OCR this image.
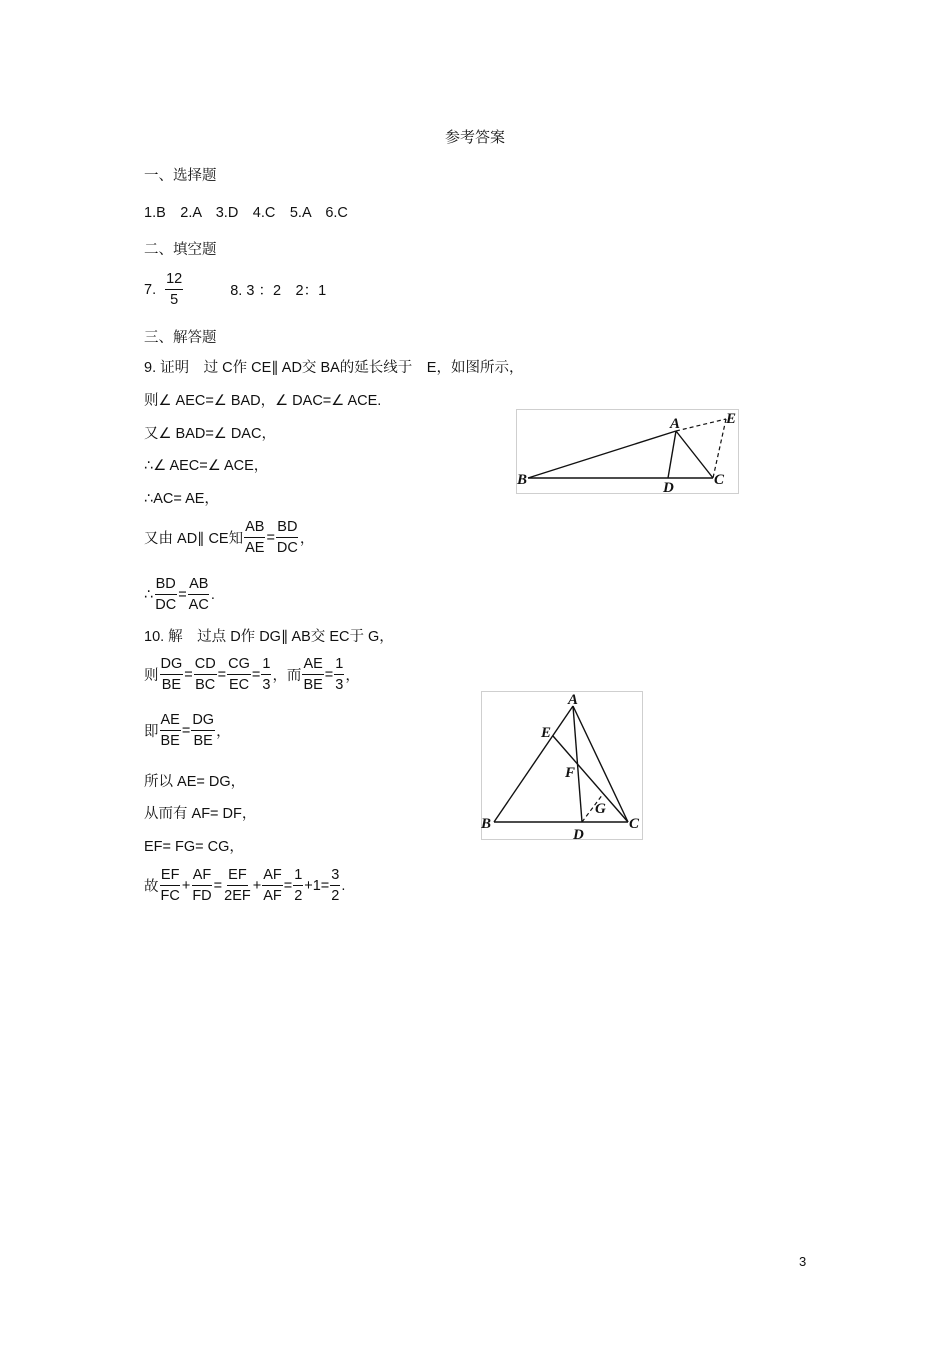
参考答案
一、选择题
1.B　2.A　3.D　4.C　5.A　6.C
二、填空题
7. $\frac{12}{5}$	8. 3 ：2　2：1
三、解答题
9. 证明　过 C作 CE∥ AD交 BA的延长线于　E，如图所示，
则∠ AEC=∠ BAD，∠ DAC=∠ ACE.
又∠ BAD=∠ DAC，
∴∠ AEC=∠ ACE，
∴AC= AE，
又由 AD∥ CE知 $\frac{AB}{AE} = \frac{BD}{DC}$ ，
∴ $\frac{BD}{DC} = \frac{AB}{AC}$ .
10. 解　过点 D作 DG∥ AB交 EC于 G，
则 $\frac{DG}{BE} = \frac{CD}{BC} = \frac{CG}{EC} = \frac{1}{3}$ ，而 $\frac{AE}{BE} = \frac{1}{3}$ ，
即 $\frac{AE}{BE} = \frac{DG}{BE}$ ，
所以 AE= DG，
从而有 AF= DF，
EF= FG= CG，
故 $\frac{EF}{FC} + \frac{AF}{FD} = \frac{EF}{2EF} + \frac{AF}{AF} = \frac{1}{2} +1= \frac{3}{2}$ .
A
B	C
D
E
A
B	C
D
E
F
G
3
